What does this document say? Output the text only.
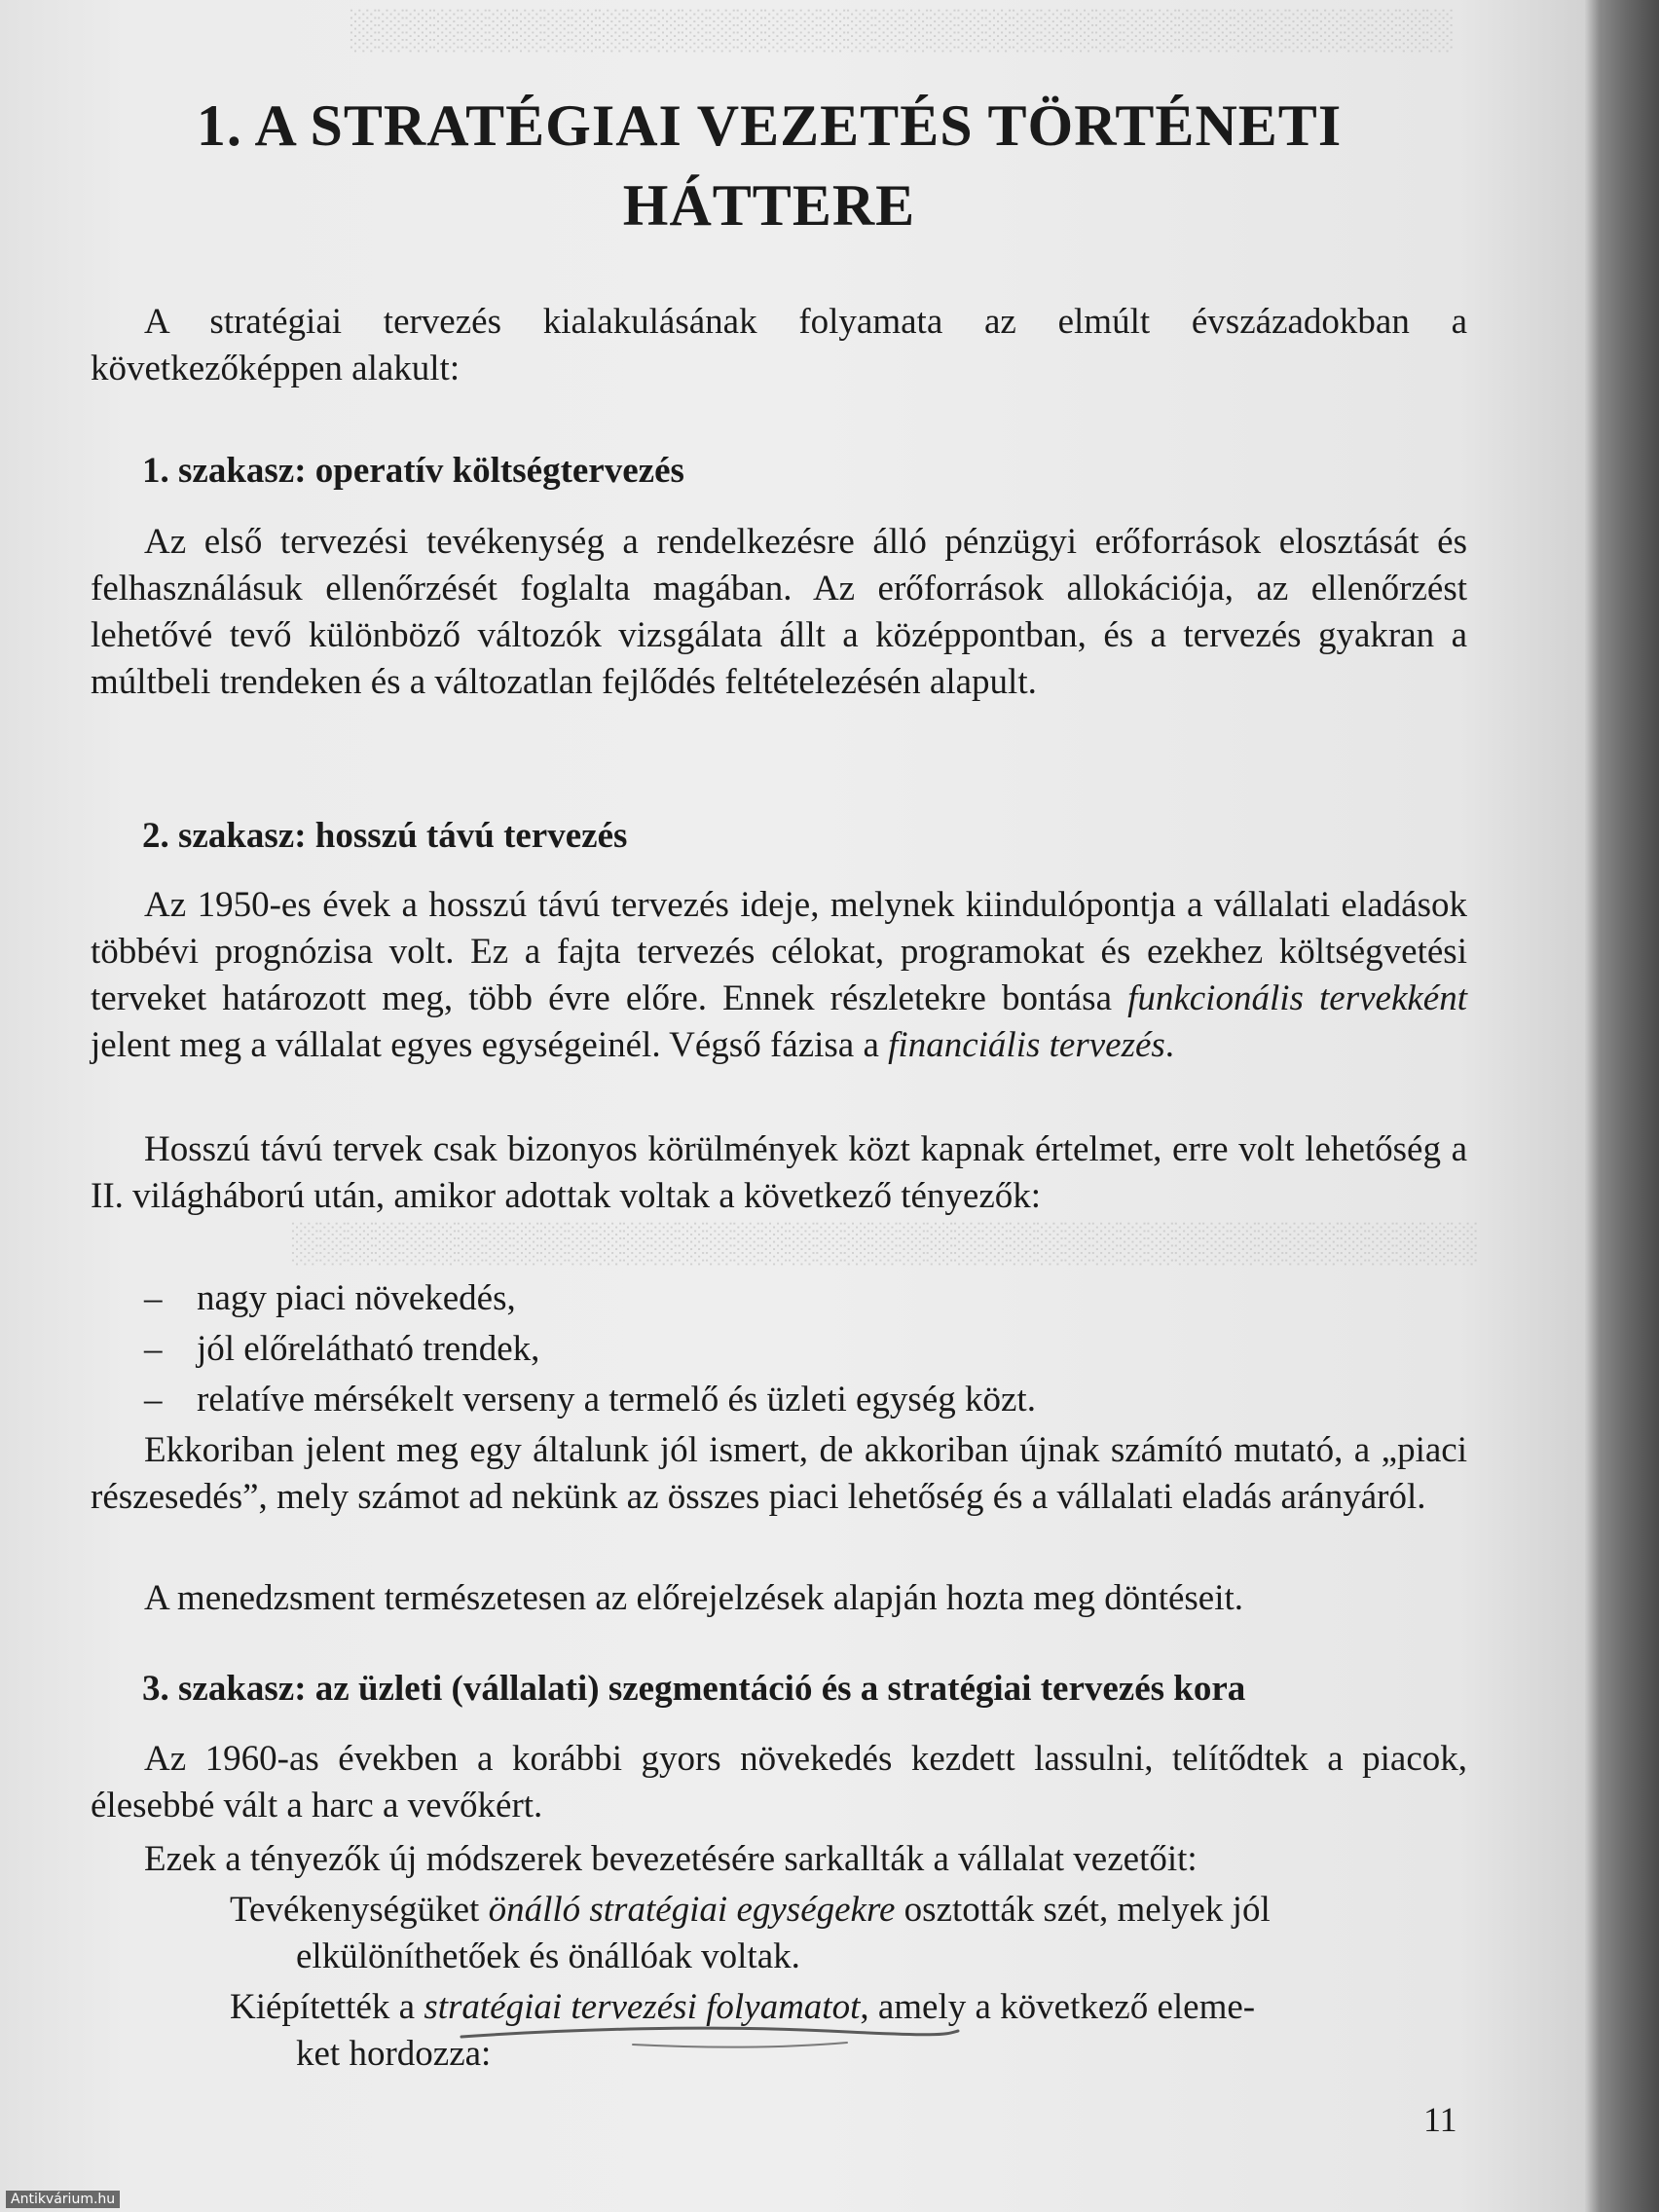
░░░░░░░░░░░░░░░░░░░░░░░░░░░░░░░░░░░░░░░░
░░░░░░░░░░░░░░░░░░░░░░░░░░░░░░░░░░░░░░░░░░░
1. A STRATÉGIAI VEZETÉS TÖRTÉNETI
HÁTTERE

A stratégiai tervezés kialakulásának folyamata az elmúlt évszázadokban a következőképpen alakult:

1. szakasz: operatív költségtervezés

Az első tervezési tevékenység a rendelkezésre álló pénzügyi erőforrások elosztását és felhasználásuk ellenőrzését foglalta magában. Az erőforrások allokációja, az ellenőrzést lehetővé tevő különböző változók vizsgálata állt a középpontban, és a tervezés gyakran a múltbeli trendeken és a változatlan fejlődés feltételezésén alapult.

2. szakasz: hosszú távú tervezés

Az 1950-es évek a hosszú távú tervezés ideje, melynek kiindulópontja a vállalati eladások többévi prognózisa volt. Ez a fajta tervezés célokat, programokat és ezekhez költségvetési terveket határozott meg, több évre előre. Ennek részletekre bontása funkcionális tervekként jelent meg a vállalat egyes egységeinél. Végső fázisa a financiális tervezés.

Hosszú távú tervek csak bizonyos körülmények közt kapnak értelmet, erre volt lehetőség a II. világháború után, amikor adottak voltak a következő tényezők:

– nagy piaci növekedés,
– jól előrelátható trendek,
– relatíve mérsékelt verseny a termelő és üzleti egység közt.

Ekkoriban jelent meg egy általunk jól ismert, de akkoriban újnak számító mutató, a „piaci részesedés”, mely számot ad nekünk az összes piaci lehetőség és a vállalati eladás arányáról.

A menedzsment természetesen az előrejelzések alapján hozta meg döntéseit.

3. szakasz: az üzleti (vállalati) szegmentáció és a stratégiai tervezés kora

Az 1960-as években a korábbi gyors növekedés kezdett lassulni, telítődtek a piacok, élesebbé vált a harc a vevőkért.

Ezek a tényezők új módszerek bevezetésére sarkallták a vállalat vezetőit:

Tevékenységüket önálló stratégiai egységekre osztották szét, melyek jól
elkülöníthetőek és önállóak voltak.

Kiépítették a stratégiai tervezési folyamatot, amely a következő eleme-
ket hordozza:

11
Antikvárium.hu
